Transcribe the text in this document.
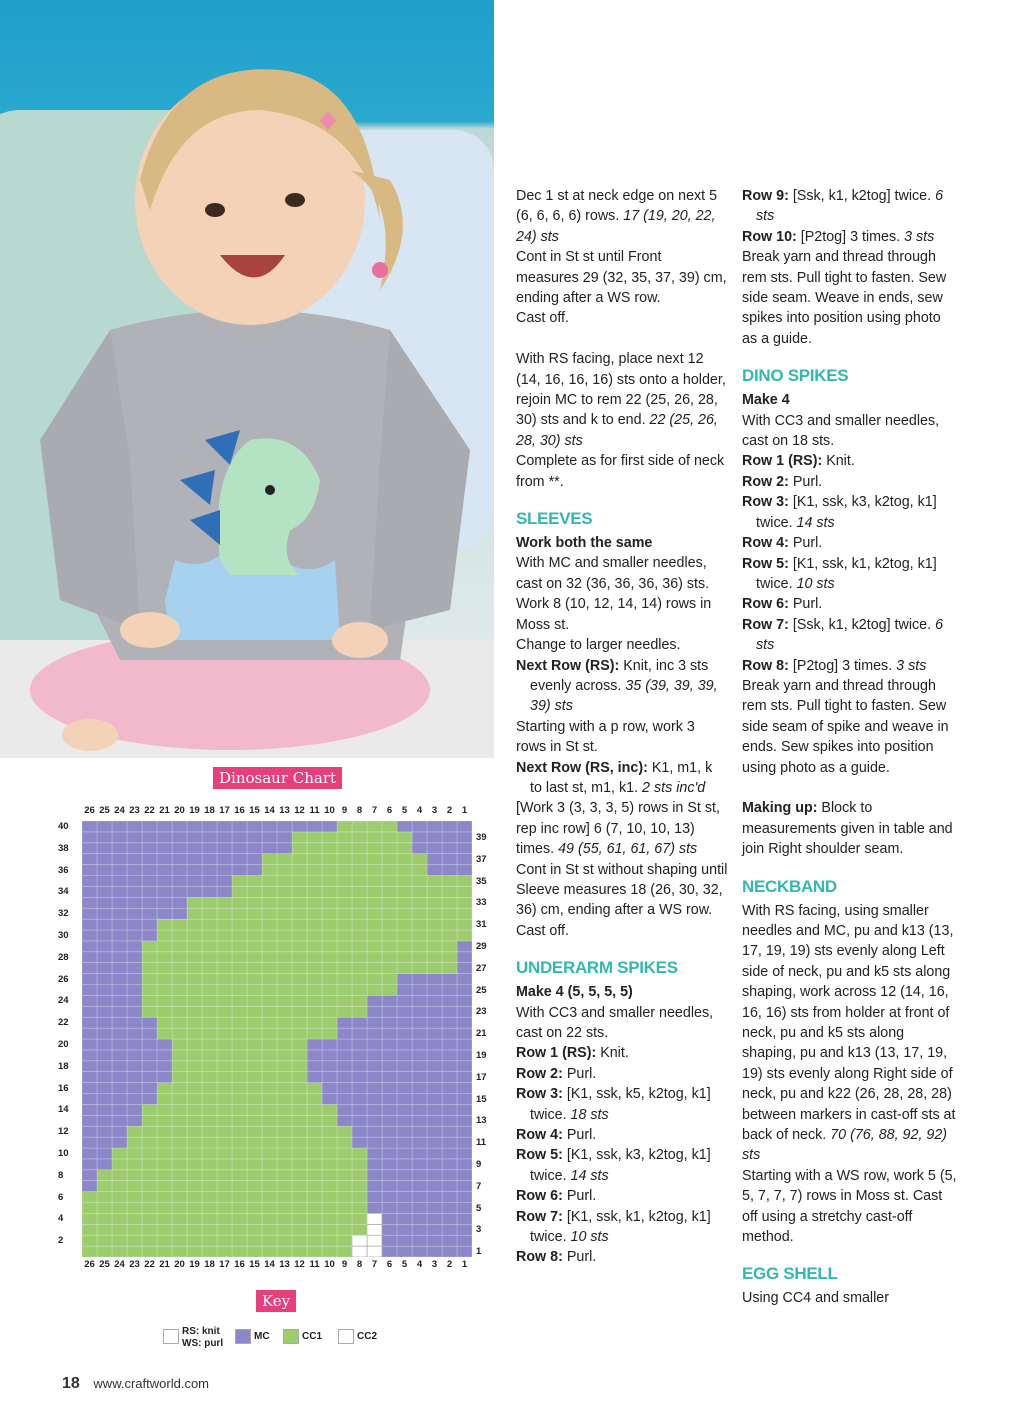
Dinosaur Chart
26 25 24 23 22 21 20 19 18 17 16 15 14 13 12 11 10 9	8	7	6	5	4	3	2	1
26 25 24 23 22 21 20 19 18 17 16 15 14 13 12 11 10 9	8	7	6	5	4	3	2	1
40
38
36
34
32
30
28
26
24
22
20
18
16
14
12
10
8
6
4
2
39
37
35
33
31
29
27
25
23
21
19
17
15
13
11
9
7
5
3
1
Key
RS: knit
WS: purl
MC	CC1	CC2
18 www.craftworld.com

Dec 1 st at neck edge on next 5 (6, 6, 6, 6) rows. 17 (19, 20, 22, 24) sts

Cont in St st until Front measures 29 (32, 35, 37, 39) cm, ending after a WS row.

Cast off.

With RS facing, place next 12 (14, 16, 16, 16) sts onto a holder, rejoin MC to rem 22 (25, 26, 28, 30) sts and k to end. 22 (25, 26, 28, 30) sts

Complete as for first side of neck from **.

SLEEVES

Work both the same

With MC and smaller needles, cast on 32 (36, 36, 36, 36) sts.

Work 8 (10, 12, 14, 14) rows in Moss st.

Change to larger needles.

Next Row (RS): Knit, inc 3 sts evenly across. 35 (39, 39, 39, 39) sts

Starting with a p row, work 3 rows in St st.

Next Row (RS, inc): K1, m1, k to last st, m1, k1. 2 sts inc'd

[Work 3 (3, 3, 3, 5) rows in St st, rep inc row] 6 (7, 10, 10, 13) times. 49 (55, 61, 61, 67) sts

Cont in St st without shaping until Sleeve measures 18 (26, 30, 32, 36) cm, ending after a WS row.

Cast off.

UNDERARM SPIKES

Make 4 (5, 5, 5, 5)

With CC3 and smaller needles, cast on 22 sts.

Row 1 (RS): Knit.

Row 2: Purl.

Row 3: [K1, ssk, k5, k2tog, k1] twice. 18 sts

Row 4: Purl.

Row 5: [K1, ssk, k3, k2tog, k1] twice. 14 sts

Row 6: Purl.

Row 7: [K1, ssk, k1, k2tog, k1] twice. 10 sts

Row 8: Purl.

Row 9: [Ssk, k1, k2tog] twice. 6 sts

Row 10: [P2tog] 3 times. 3 sts

Break yarn and thread through rem sts. Pull tight to fasten. Sew side seam. Weave in ends, sew spikes into position using photo as a guide.

DINO SPIKES

Make 4

With CC3 and smaller needles, cast on 18 sts.

Row 1 (RS): Knit.

Row 2: Purl.

Row 3: [K1, ssk, k3, k2tog, k1] twice. 14 sts

Row 4: Purl.

Row 5: [K1, ssk, k1, k2tog, k1] twice. 10 sts

Row 6: Purl.

Row 7: [Ssk, k1, k2tog] twice. 6 sts

Row 8: [P2tog] 3 times. 3 sts

Break yarn and thread through rem sts. Pull tight to fasten. Sew side seam of spike and weave in ends. Sew spikes into position using photo as a guide.

Making up: Block to measurements given in table and join Right shoulder seam.

NECKBAND

With RS facing, using smaller needles and MC, pu and k13 (13, 17, 19, 19) sts evenly along Left side of neck, pu and k5 sts along shaping, work across 12 (14, 16, 16, 16) sts from holder at front of neck, pu and k5 sts along shaping, pu and k13 (13, 17, 19, 19) sts evenly along Right side of neck, pu and k22 (26, 28, 28, 28) between markers in cast-off sts at back of neck. 70 (76, 88, 92, 92) sts

Starting with a WS row, work 5 (5, 5, 7, 7, 7) rows in Moss st. Cast off using a stretchy cast-off method.

EGG SHELL

Using CC4 and smaller
